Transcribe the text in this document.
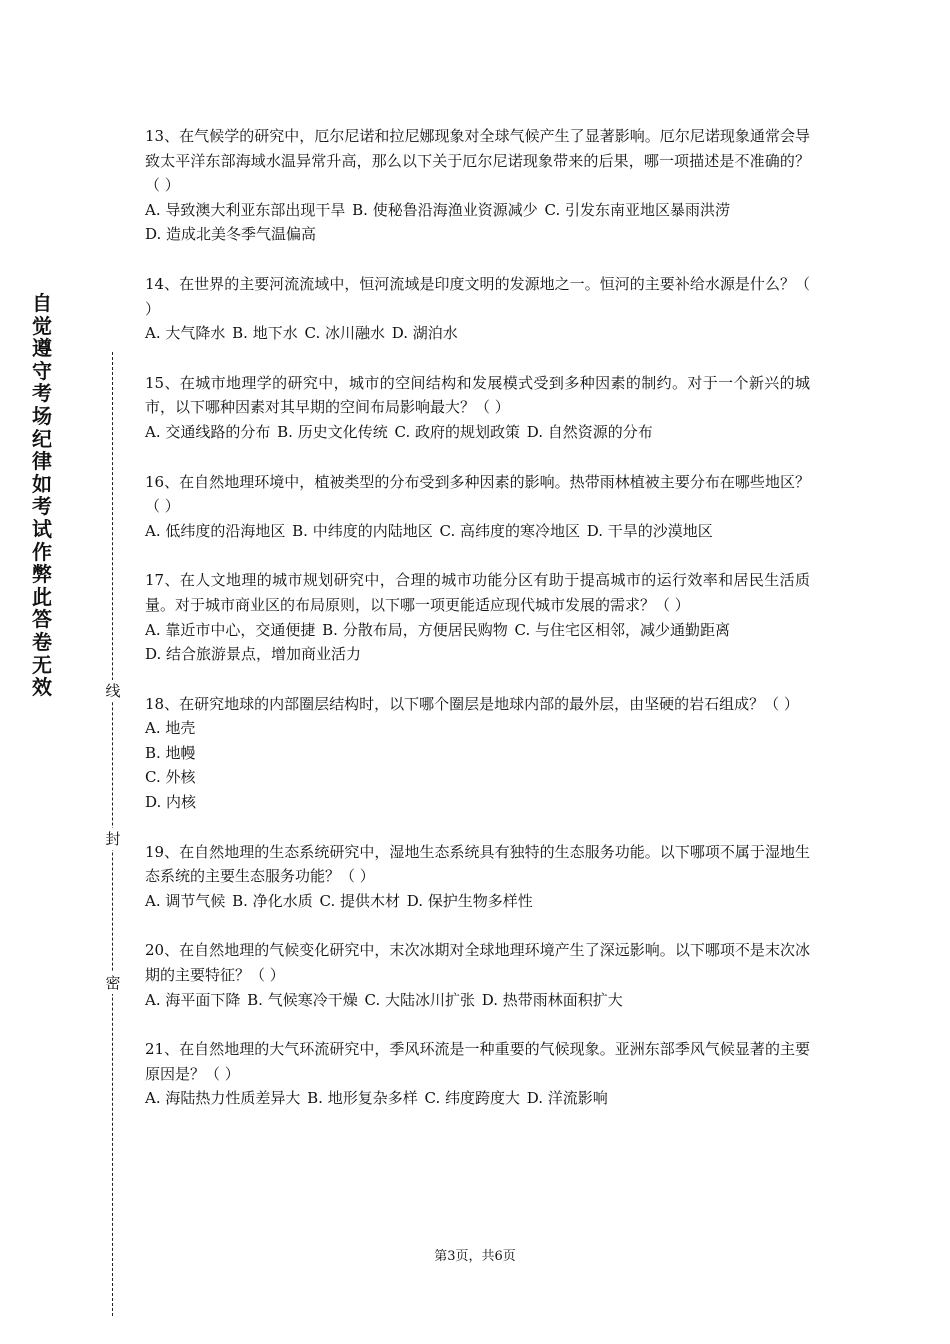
自觉遵守考场纪律如考试作弊此答卷无效	线
封
密

13、在气候学的研究中，厄尔尼诺和拉尼娜现象对全球气候产生了显著影响。厄尔尼诺现象通常会导致太平洋东部海域水温异常升高，那么以下关于厄尔尼诺现象带来的后果，哪一项描述是不准确的？（ ）

A. 导致澳大利亚东部出现干旱 B. 使秘鲁沿海渔业资源减少 C. 引发东南亚地区暴雨洪涝

D. 造成北美冬季气温偏高

14、在世界的主要河流流域中，恒河流域是印度文明的发源地之一。恒河的主要补给水源是什么？（ ）

A. 大气降水 B. 地下水 C. 冰川融水 D. 湖泊水

15、在城市地理学的研究中，城市的空间结构和发展模式受到多种因素的制约。对于一个新兴的城市，以下哪种因素对其早期的空间布局影响最大？（ ）

A. 交通线路的分布 B. 历史文化传统 C. 政府的规划政策 D. 自然资源的分布

16、在自然地理环境中，植被类型的分布受到多种因素的影响。热带雨林植被主要分布在哪些地区？（ ）

A. 低纬度的沿海地区 B. 中纬度的内陆地区 C. 高纬度的寒冷地区 D. 干旱的沙漠地区

17、在人文地理的城市规划研究中，合理的城市功能分区有助于提高城市的运行效率和居民生活质量。对于城市商业区的布局原则，以下哪一项更能适应现代城市发展的需求？（ ）

A. 靠近市中心，交通便捷 B. 分散布局，方便居民购物 C. 与住宅区相邻，减少通勤距离

D. 结合旅游景点，增加商业活力

18、在研究地球的内部圈层结构时，以下哪个圈层是地球内部的最外层，由坚硬的岩石组成？（ ）

A. 地壳

B. 地幔

C. 外核

D. 内核

19、在自然地理的生态系统研究中，湿地生态系统具有独特的生态服务功能。以下哪项不属于湿地生态系统的主要生态服务功能？（ ）

A. 调节气候 B. 净化水质 C. 提供木材 D. 保护生物多样性

20、在自然地理的气候变化研究中，末次冰期对全球地理环境产生了深远影响。以下哪项不是末次冰期的主要特征？（ ）

A. 海平面下降 B. 气候寒冷干燥 C. 大陆冰川扩张 D. 热带雨林面积扩大

21、在自然地理的大气环流研究中，季风环流是一种重要的气候现象。亚洲东部季风气候显著的主要原因是？（ ）

A. 海陆热力性质差异大 B. 地形复杂多样 C. 纬度跨度大 D. 洋流影响

第3页，共6页
